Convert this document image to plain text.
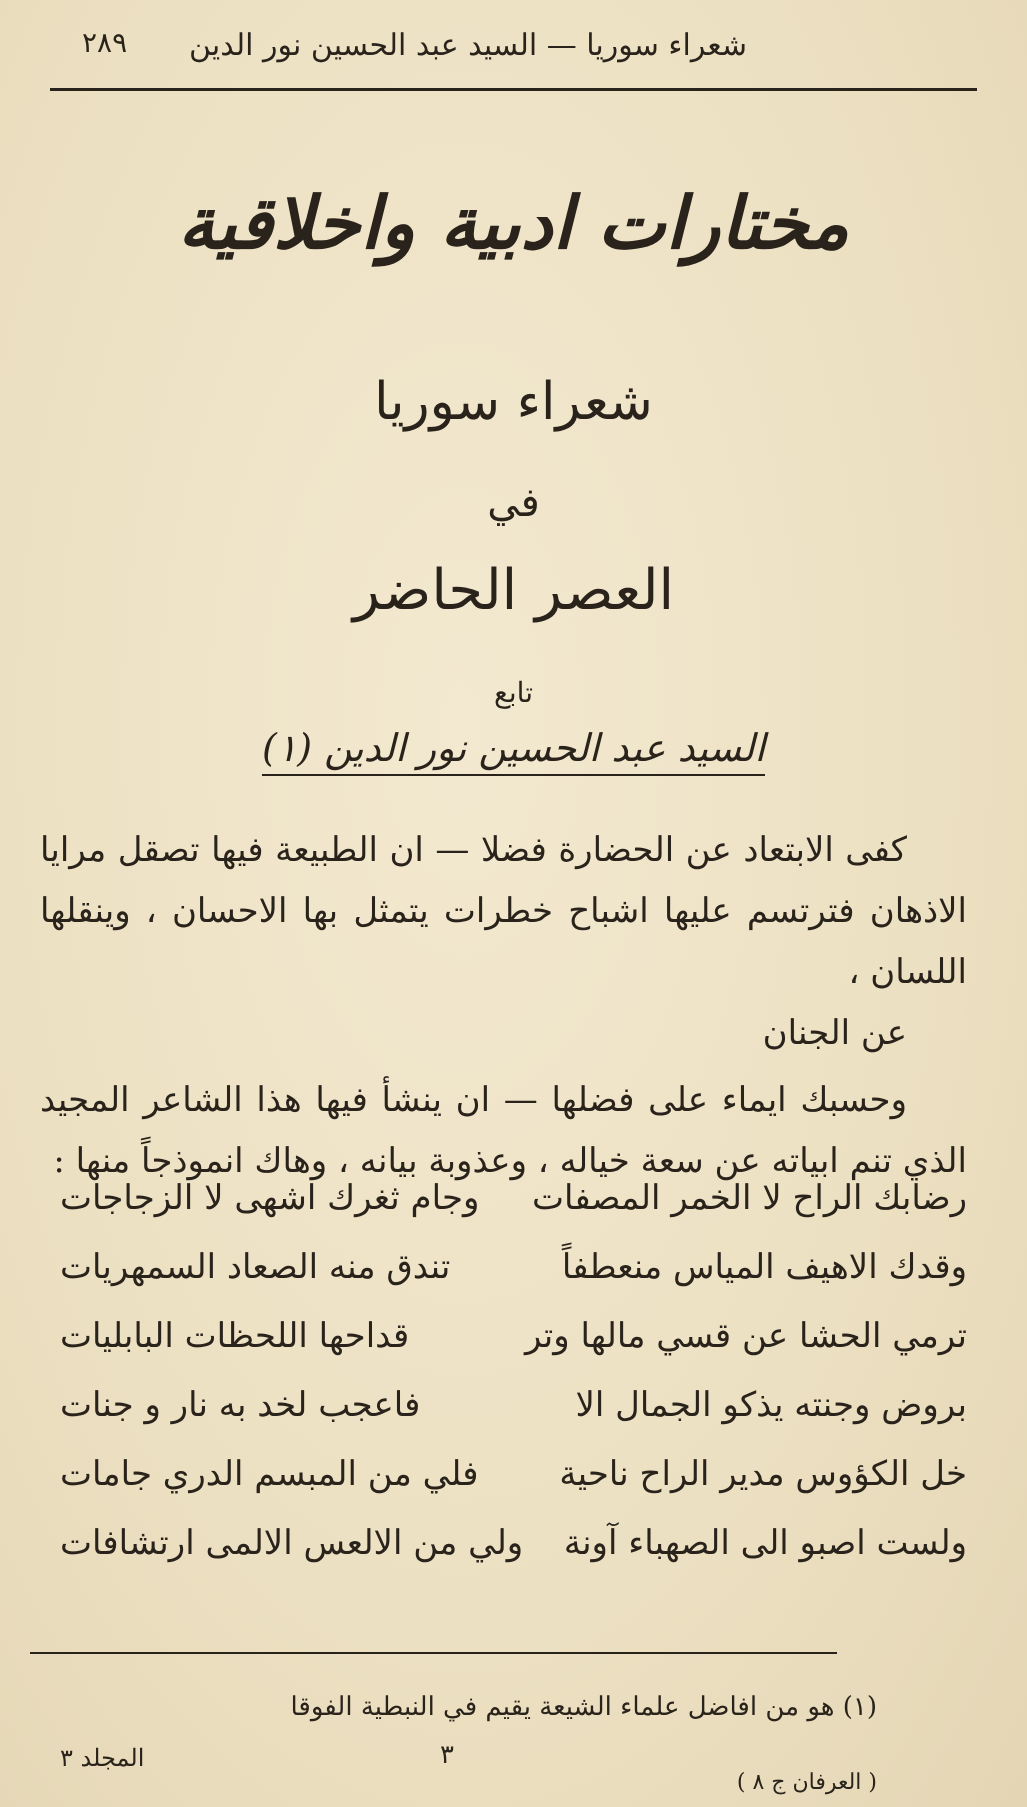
شعراء سوريا — السيد عبد الحسين نور الدين
٢٨٩
مختارات ادبية واخلاقية
شعراء سوريا
في
العصر الحاضر
تابع
السيد عبد الحسين نور الدين (١)
كفى الابتعاد عن الحضارة فضلا — ان الطبيعة فيها تصقل مرايا الاذهان فترتسم عليها اشباح خطرات يتمثل بها الاحسان ، وينقلها اللسان ،
عن الجنان
وحسبك ايماء على فضلها — ان ينشأ فيها هذا الشاعر المجيد الذي تنم ابياته عن سعة خياله ، وعذوبة بيانه ، وهاك انموذجاً منها :
رضابك الراح لا الخمر المصفات
وجام ثغرك اشهى لا الزجاجات
وقدك الاهيف المياس منعطفاً
تندق منه الصعاد السمهريات
ترمي الحشا عن قسي مالها وتر
قداحها اللحظات البابليات
بروض وجنته يذكو الجمال الا
فاعجب لخد به نار و جنات
خل الكؤوس مدير الراح ناحية
فلي من المبسم الدري جامات
ولست اصبو الى الصهباء آونة
ولي من الالعس الالمى ارتشافات
(١) هو من افاضل علماء الشيعة يقيم في النبطية الفوقا
المجلد ٣	٣
( العرفان ج ٨ )
